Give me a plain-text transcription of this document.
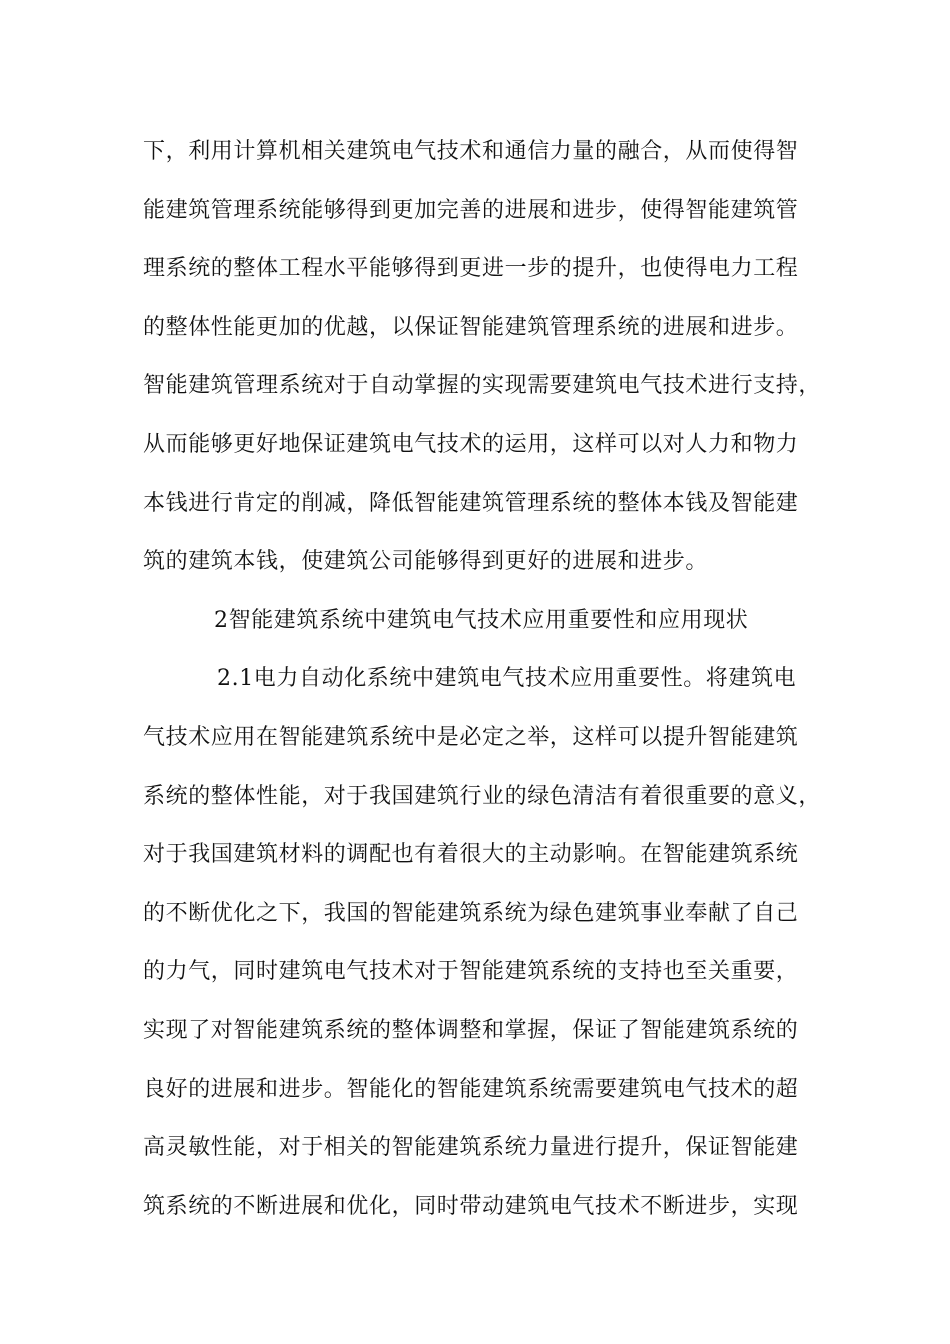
下，利用计算机相关建筑电气技术和通信力量的融合，从而使得智
能建筑管理系统能够得到更加完善的进展和进步，使得智能建筑管
理系统的整体工程水平能够得到更进一步的提升，也使得电力工程
的整体性能更加的优越，以保证智能建筑管理系统的进展和进步。
智能建筑管理系统对于自动掌握的实现需要建筑电气技术进行支持，
从而能够更好地保证建筑电气技术的运用，这样可以对人力和物力
本钱进行肯定的削减，降低智能建筑管理系统的整体本钱及智能建
筑的建筑本钱，使建筑公司能够得到更好的进展和进步。
2智能建筑系统中建筑电气技术应用重要性和应用现状
2.1电力自动化系统中建筑电气技术应用重要性。将建筑电
气技术应用在智能建筑系统中是必定之举，这样可以提升智能建筑
系统的整体性能，对于我国建筑行业的绿色清洁有着很重要的意义，
对于我国建筑材料的调配也有着很大的主动影响。在智能建筑系统
的不断优化之下，我国的智能建筑系统为绿色建筑事业奉献了自己
的力气，同时建筑电气技术对于智能建筑系统的支持也至关重要，
实现了对智能建筑系统的整体调整和掌握，保证了智能建筑系统的
良好的进展和进步。智能化的智能建筑系统需要建筑电气技术的超
高灵敏性能，对于相关的智能建筑系统力量进行提升，保证智能建
筑系统的不断进展和优化，同时带动建筑电气技术不断进步，实现
